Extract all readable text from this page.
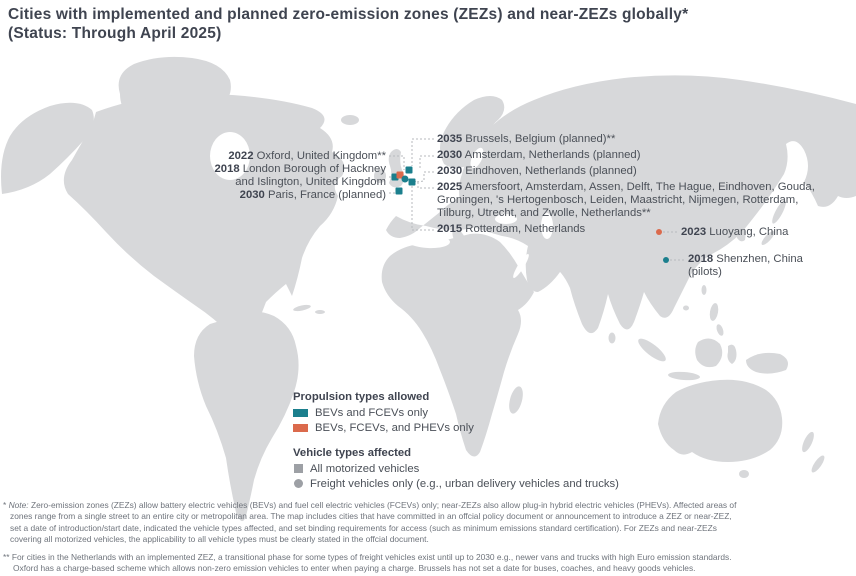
Cities with implemented and planned zero-emission zones (ZEZs) and near-ZEZs globally*
(Status: Through April 2025)
2022 Oxford, United Kingdom**
2018 London Borough of Hackney
and Islington, United Kingdom
2030 Paris, France (planned)
2035 Brussels, Belgium (planned)**
2030 Amsterdam, Netherlands (planned)
2030 Eindhoven, Netherlands (planned)
2025 Amersfoort, Amsterdam, Assen, Delft, The Hague, Eindhoven, Gouda,
Groningen, 's Hertogenbosch, Leiden, Maastricht, Nijmegen, Rotterdam,
Tilburg, Utrecht, and Zwolle, Netherlands**
2015 Rotterdam, Netherlands	2023 Luoyang, China
2018 Shenzhen, China
(pilots)
Propulsion types allowed
BEVs and FCEVs only
BEVs, FCEVs, and PHEVs only
Vehicle types affected
All motorized vehicles
Freight vehicles only (e.g., urban delivery vehicles and trucks)
* Note: Zero-emission zones (ZEZs) allow battery electric vehicles (BEVs) and fuel cell electric vehicles (FCEVs) only; near-ZEZs also allow plug-in hybrid electric vehicles (PHEVs). Affected areas of
zones range from a single street to an entire city or metropolitan area. The map includes cities that have committed in an offcial policy document or announcement to introduce a ZEZ or near-ZEZ,
set a date of introduction/start date, indicated the vehicle types affected, and set binding requirements for access (such as minimum emissions standard certification). For ZEZs and near-ZEZs
covering all motorized vehicles, the applicability to all vehicle types must be clearly stated in the offcial document.
** For cities in the Netherlands with an implemented ZEZ, a transitional phase for some types of freight vehicles exist until up to 2030 e.g., newer vans and trucks with high Euro emission standards.
Oxford has a charge-based scheme which allows non-zero emission vehicles to enter when paying a charge. Brussels has not set a date for buses, coaches, and heavy goods vehicles.
